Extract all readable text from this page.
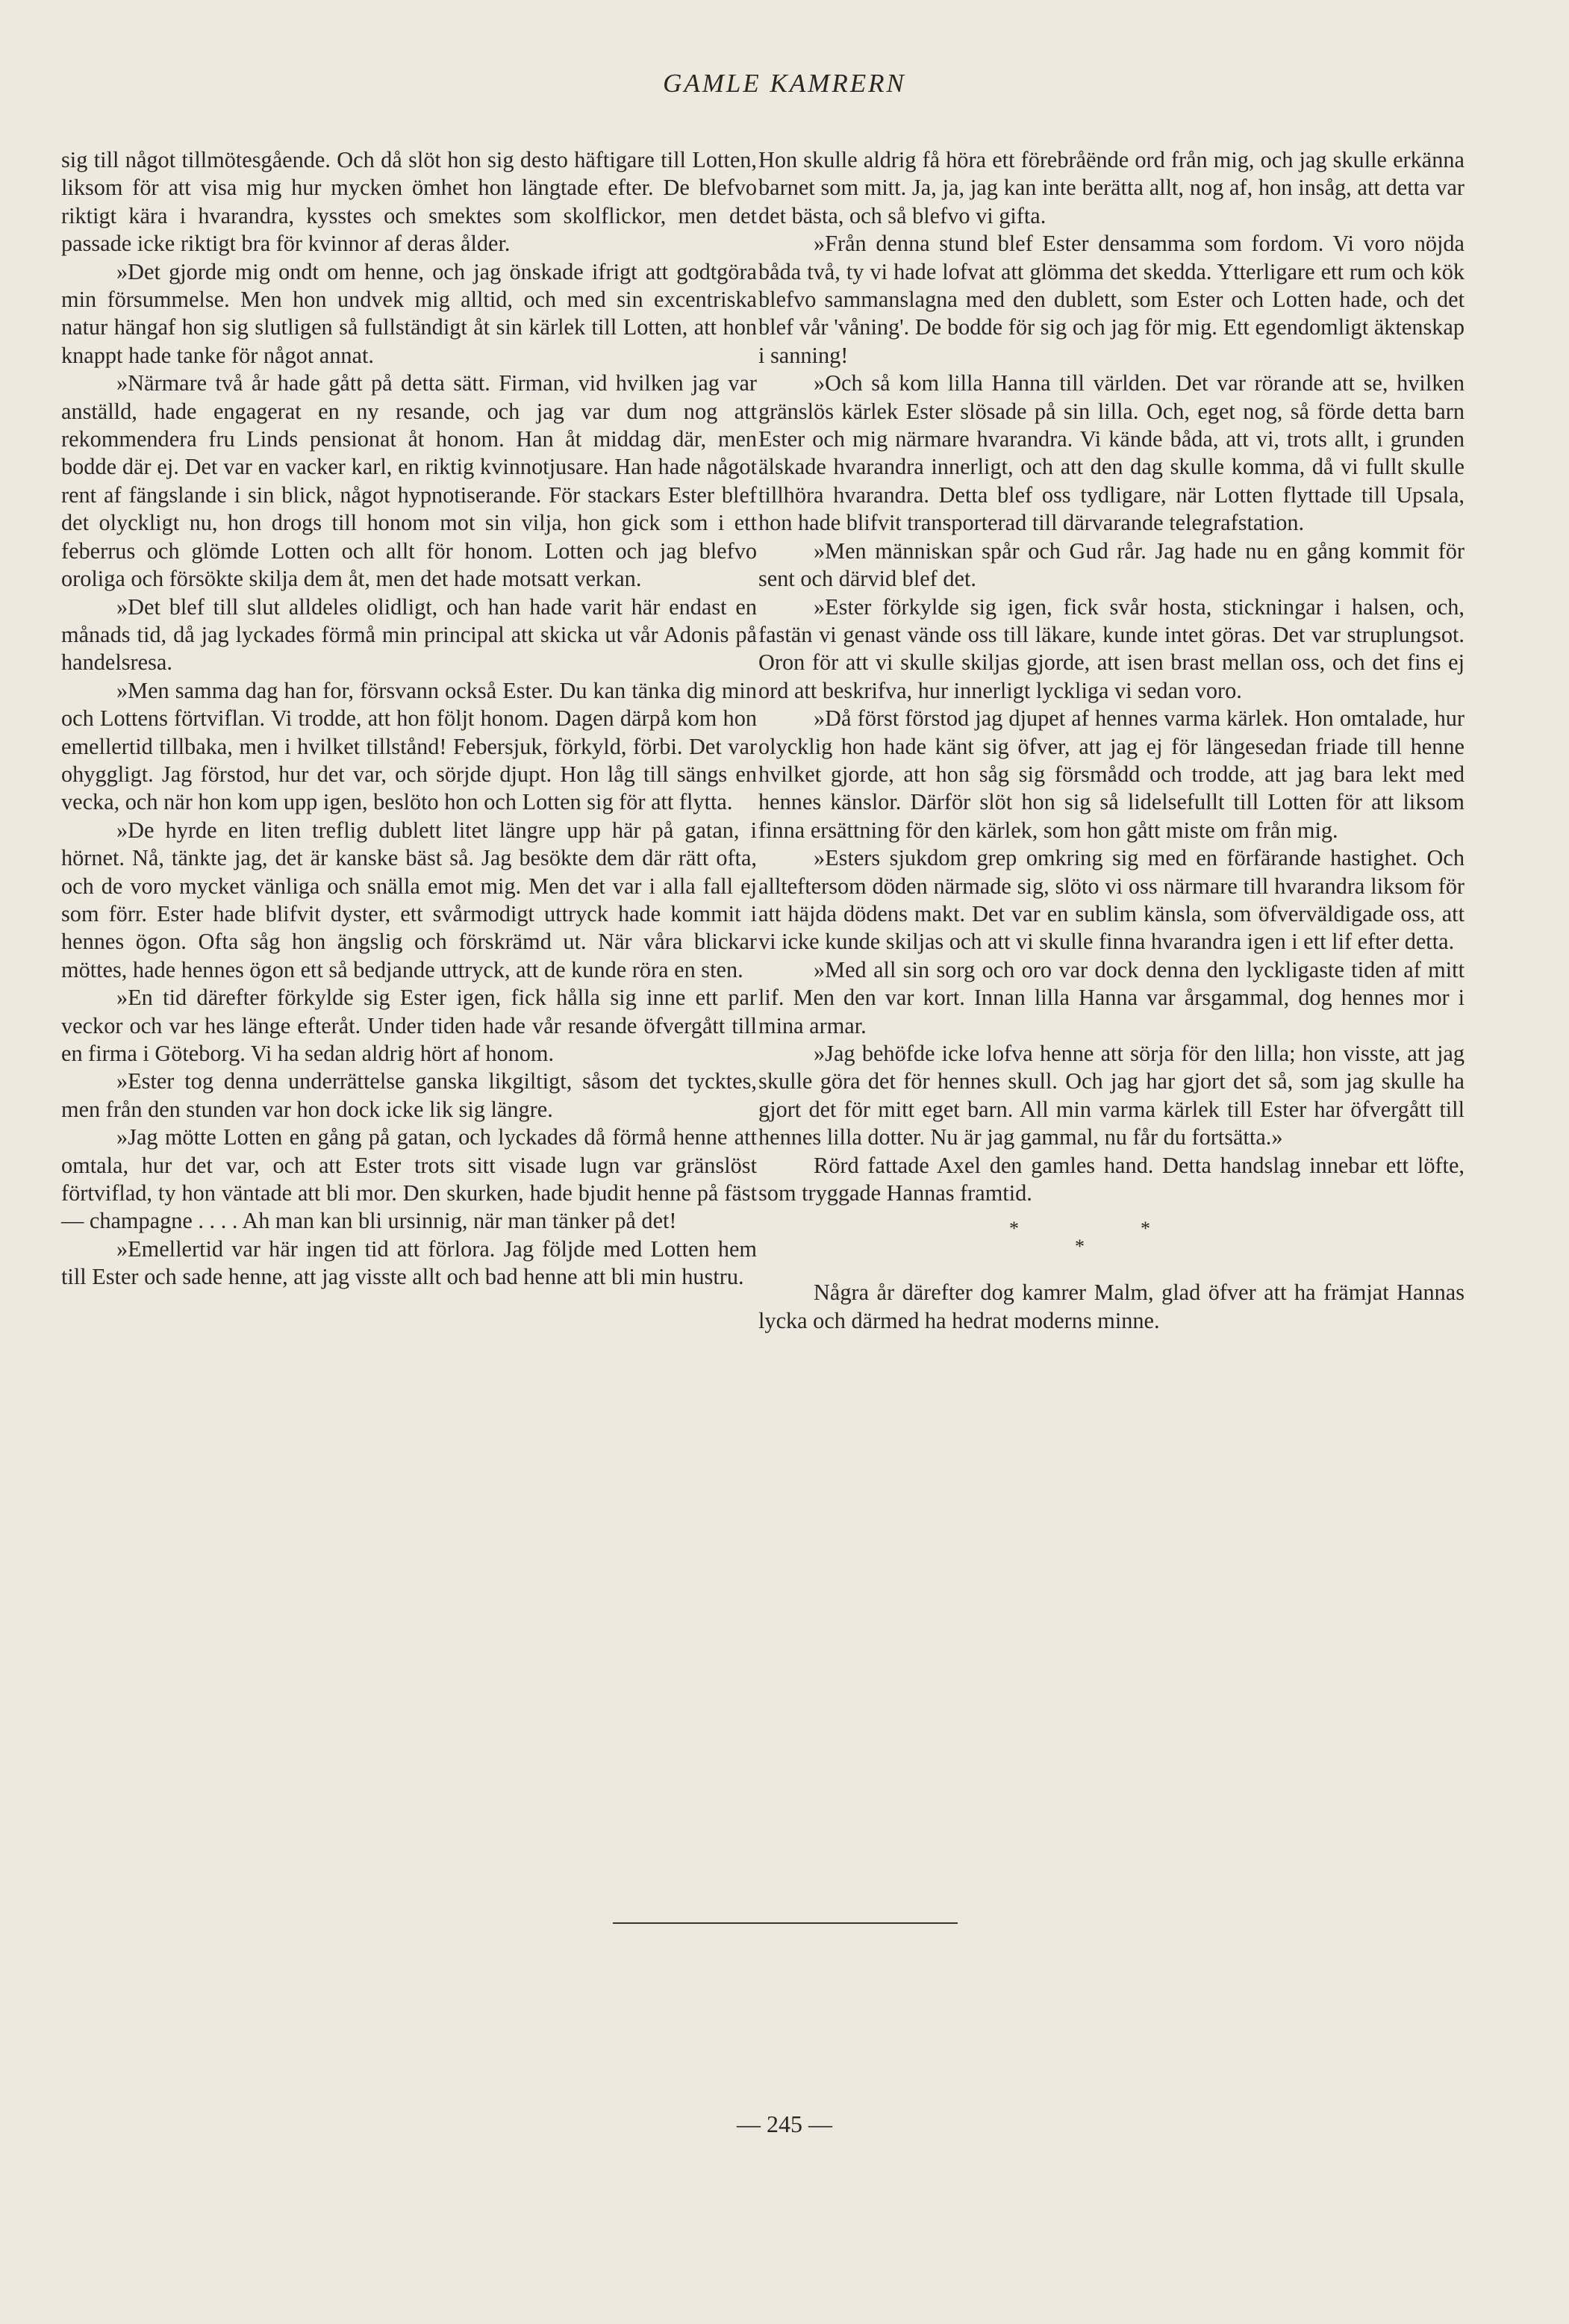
GAMLE KAMRERN

sig till något tillmötesgående. Och då slöt hon sig desto häftigare till Lotten, liksom för att visa mig hur mycken ömhet hon längtade efter. De blefvo riktigt kära i hvarandra, kysstes och smektes som skolflickor, men det passade icke riktigt bra för kvinnor af deras ålder.

»Det gjorde mig ondt om henne, och jag önskade ifrigt att godtgöra min försummelse. Men hon undvek mig alltid, och med sin excentriska natur hängaf hon sig slutligen så fullständigt åt sin kärlek till Lotten, att hon knappt hade tanke för något annat.

»Närmare två år hade gått på detta sätt. Firman, vid hvilken jag var anställd, hade engagerat en ny resande, och jag var dum nog att rekommendera fru Linds pensionat åt honom. Han åt middag där, men bodde där ej. Det var en vacker karl, en riktig kvinnotjusare. Han hade något rent af fängslande i sin blick, något hypnotiserande. För stackars Ester blef det olyckligt nu, hon drogs till honom mot sin vilja, hon gick som i ett feberrus och glömde Lotten och allt för honom. Lotten och jag blefvo oroliga och försökte skilja dem åt, men det hade motsatt verkan.

»Det blef till slut alldeles olidligt, och han hade varit här endast en månads tid, då jag lyckades förmå min principal att skicka ut vår Adonis på handelsresa.

»Men samma dag han for, försvann också Ester. Du kan tänka dig min och Lottens förtviflan. Vi trodde, att hon följt honom. Dagen därpå kom hon emellertid tillbaka, men i hvilket tillstånd! Febersjuk, förkyld, förbi. Det var ohyggligt. Jag förstod, hur det var, och sörjde djupt. Hon låg till sängs en vecka, och när hon kom upp igen, beslöto hon och Lotten sig för att flytta.

»De hyrde en liten treflig dublett litet längre upp här på gatan, i hörnet. Nå, tänkte jag, det är kanske bäst så. Jag besökte dem där rätt ofta, och de voro mycket vänliga och snälla emot mig. Men det var i alla fall ej som förr. Ester hade blifvit dyster, ett svårmodigt uttryck hade kommit i hennes ögon. Ofta såg hon ängslig och förskrämd ut. När våra blickar möttes, hade hennes ögon ett så bedjande uttryck, att de kunde röra en sten.

»En tid därefter förkylde sig Ester igen, fick hålla sig inne ett par veckor och var hes länge efteråt. Under tiden hade vår resande öfvergått till en firma i Göteborg. Vi ha sedan aldrig hört af honom.

»Ester tog denna underrättelse ganska likgiltigt, såsom det tycktes, men från den stunden var hon dock icke lik sig längre.

»Jag mötte Lotten en gång på gatan, och lyckades då förmå henne att omtala, hur det var, och att Ester trots sitt visade lugn var gränslöst förtviflad, ty hon väntade att bli mor. Den skurken, hade bjudit henne på fäst — champagne . . . . Ah man kan bli ursinnig, när man tänker på det!

»Emellertid var här ingen tid att förlora. Jag följde med Lotten hem till Ester och sade henne, att jag visste allt och bad henne att bli min hustru.

Hon skulle aldrig få höra ett förebråënde ord från mig, och jag skulle erkänna barnet som mitt. Ja, ja, jag kan inte berätta allt, nog af, hon insåg, att detta var det bästa, och så blefvo vi gifta.

»Från denna stund blef Ester densamma som fordom. Vi voro nöjda båda två, ty vi hade lofvat att glömma det skedda. Ytterligare ett rum och kök blefvo sammanslagna med den dublett, som Ester och Lotten hade, och det blef vår 'våning'. De bodde för sig och jag för mig. Ett egendomligt äktenskap i sanning!

»Och så kom lilla Hanna till världen. Det var rörande att se, hvilken gränslös kärlek Ester slösade på sin lilla. Och, eget nog, så förde detta barn Ester och mig närmare hvarandra. Vi kände båda, att vi, trots allt, i grunden älskade hvarandra innerligt, och att den dag skulle komma, då vi fullt skulle tillhöra hvarandra. Detta blef oss tydligare, när Lotten flyttade till Upsala, hon hade blifvit transporterad till därvarande telegrafstation.

»Men människan spår och Gud rår. Jag hade nu en gång kommit för sent och därvid blef det.

»Ester förkylde sig igen, fick svår hosta, stickningar i halsen, och, fastän vi genast vände oss till läkare, kunde intet göras. Det var struplungsot. Oron för att vi skulle skiljas gjorde, att isen brast mellan oss, och det fins ej ord att beskrifva, hur innerligt lyckliga vi sedan voro.

»Då först förstod jag djupet af hennes varma kärlek. Hon omtalade, hur olycklig hon hade känt sig öfver, att jag ej för längesedan friade till henne hvilket gjorde, att hon såg sig försmådd och trodde, att jag bara lekt med hennes känslor. Därför slöt hon sig så lidelsefullt till Lotten för att liksom finna ersättning för den kärlek, som hon gått miste om från mig.

»Esters sjukdom grep omkring sig med en förfärande hastighet. Och allteftersom döden närmade sig, slöto vi oss närmare till hvarandra liksom för att häjda dödens makt. Det var en sublim känsla, som öfverväldigade oss, att vi icke kunde skiljas och att vi skulle finna hvarandra igen i ett lif efter detta.

»Med all sin sorg och oro var dock denna den lyckligaste tiden af mitt lif. Men den var kort. Innan lilla Hanna var årsgammal, dog hennes mor i mina armar.

»Jag behöfde icke lofva henne att sörja för den lilla; hon visste, att jag skulle göra det för hennes skull. Och jag har gjort det så, som jag skulle ha gjort det för mitt eget barn. All min varma kärlek till Ester har öfvergått till hennes lilla dotter. Nu är jag gammal, nu får du fortsätta.»

Rörd fattade Axel den gamles hand. Detta handslag innebar ett löfte, som tryggade Hannas framtid.

*
*
*

Några år därefter dog kamrer Malm, glad öfver att ha främjat Hannas lycka och därmed ha hedrat moderns minne.

— 245 —
